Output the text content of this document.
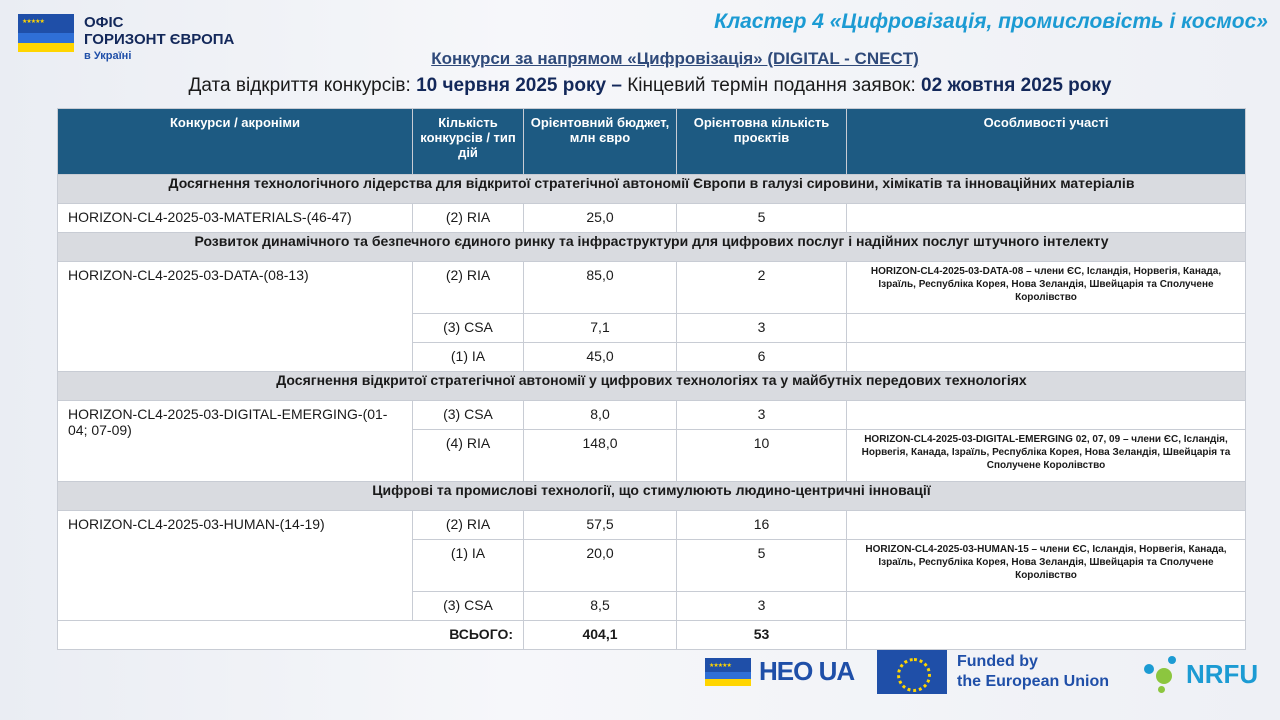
★★★★★
ОФІС
ГОРИЗОНТ ЄВРОПА
в Україні
Кластер 4 «Цифровізація, промисловість і космос»
Конкурси за напрямом «Цифровізація» (DIGITAL - CNECT)
Дата відкриття конкурсів: 10 червня 2025 року – Кінцевий термін подання заявок: 02 жовтня 2025 року
Конкурси / акроніми	Кількість конкурсів / тип дій	Орієнтовний бюджет, млн євро	Орієнтовна кількість проєктів	Особливості участі
Досягнення технологічного лідерства для відкритої стратегічної автономії Європи в галузі сировини, хімікатів та інноваційних матеріалів				
HORIZON-CL4-2025-03-MATERIALS-(46-47)	(2) RIA	25,0	5	
Розвиток динамічного та безпечного єдиного ринку та інфраструктури для цифрових послуг і надійних послуг штучного інтелекту				
HORIZON-CL4-2025-03-DATA-(08-13)	(2) RIA	85,0	2	HORIZON-CL4-2025-03-DATA-08 – члени ЄС, Ісландія, Норвегія, Канада, Ізраїль, Республіка Корея, Нова Зеландія, Швейцарія та Сполучене Королівство
	(3) CSA	7,1	3	
	(1) IA	45,0	6	
Досягнення відкритої стратегічної автономії у цифрових технологіях та у майбутніх передових технологіях				
HORIZON-CL4-2025-03-DIGITAL-EMERGING-(01-04; 07-09)	(3) CSA	8,0	3	
	(4) RIA	148,0	10	HORIZON-CL4-2025-03-DIGITAL-EMERGING 02, 07, 09 – члени ЄС, Ісландія, Норвегія, Канада, Ізраїль, Республіка Корея, Нова Зеландія, Швейцарія та Сполучене Королівство
Цифрові та промислові технології, що стимулюють людино-центричні інновації				
HORIZON-CL4-2025-03-HUMAN-(14-19)	(2) RIA	57,5	16	
	(1) IA	20,0	5	HORIZON-CL4-2025-03-HUMAN-15 – члени ЄС, Ісландія, Норвегія, Канада, Ізраїль, Республіка Корея, Нова Зеландія, Швейцарія та Сполучене Королівство
	(3) CSA	8,5	3	
ВСЬОГО:		404,1	53	
★★★★★
HEO UA	Funded by
the European Union	NRFU
